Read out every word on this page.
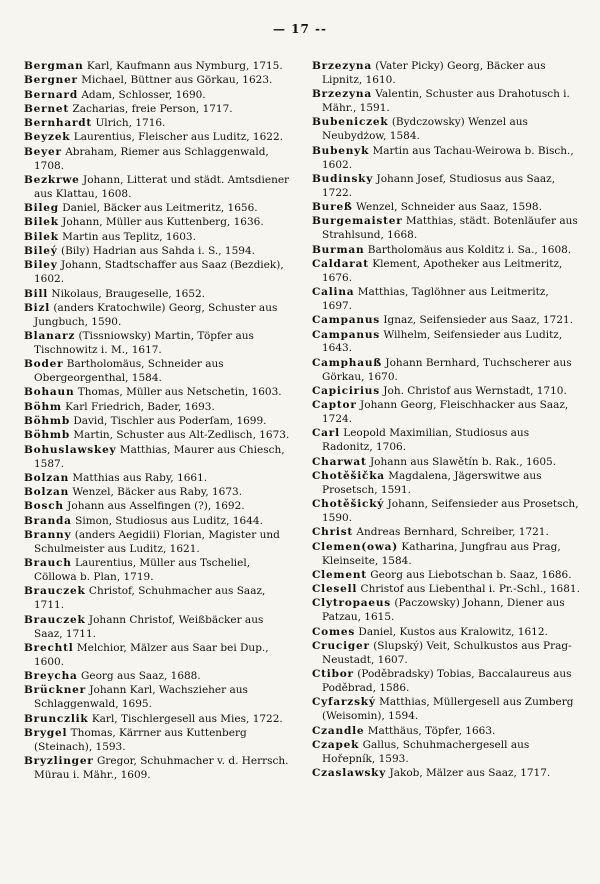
— 17 --
Bergman Karl, Kaufmann aus Nymburg, 1715.
Bergner Michael, Büttner aus Görkau, 1623.
Bernard Adam, Schlosser, 1690.
Bernet Zacharias, freie Person, 1717.
Bernhardt Ulrich, 1716.
Beyzek Laurentius, Fleischer aus Luditz, 1622.
Beyer Abraham, Riemer aus Schlaggenwald, 1708.
Bezkrwe Johann, Litterat und städt. Amtsdiener aus Klattau, 1608.
Bileg Daniel, Bäcker aus Leitmeritz, 1656.
Bilek Johann, Müller aus Kuttenberg, 1636.
Bilek Martin aus Teplitz, 1603.
Bileý (Bily) Hadrian aus Sahda i. S., 1594.
Biley Johann, Stadtschaffer aus Saaz (Bezdiek), 1602.
Bill Nikolaus, Braugeselle, 1652.
Bizl (anders Kratochwile) Georg, Schuster aus Jungbuch, 1590.
Blanarz (Tissniowsky) Martin, Töpfer aus Tischnowitz i. M., 1617.
Boder Bartholomäus, Schneider aus Obergeorgenthal, 1584.
Bohaun Thomas, Müller aus Netschetin, 1603.
Böhm Karl Friedrich, Bader, 1693.
Böhmb David, Tischler aus Poderſam, 1699.
Böhmb Martin, Schuster aus Alt-Zedlisch, 1673.
Bohuslawskey Matthias, Maurer aus Chiesch, 1587.
Bolzan Matthias aus Raby, 1661.
Bolzan Wenzel, Bäcker aus Raby, 1673.
Bosch Johann aus Asselfingen (?), 1692.
Branda Simon, Studiosus aus Luditz, 1644.
Branny (anders Aegidii) Florian, Magister und Schulmeister aus Luditz, 1621.
Brauch Laurentius, Müller aus Tscheliel, Cöllowa b. Plan, 1719.
Brauczek Christof, Schuhmacher aus Saaz, 1711.
Brauczek Johann Christof, Weißbäcker aus Saaz, 1711.
Brechtl Melchior, Mälzer aus Saar bei Dup., 1600.
Breycha Georg aus Saaz, 1688.
Brückner Johann Karl, Wachszieher aus Schlaggenwald, 1695.
Brunczlik Karl, Tischlergesell aus Mies, 1722.
Brygel Thomas, Kärrner aus Kuttenberg (Steinach), 1593.
Bryzlinger Gregor, Schuhmacher v. d. Herrsch. Mürau i. Mähr., 1609.
Brzezyna (Vater Picky) Georg, Bäcker aus Lipnitz, 1610.
Brzezyna Valentin, Schuster aus Drahotusch i. Mähr., 1591.
Bubeniczek (Bydczowsky) Wenzel aus Neubydżow, 1584.
Bubenyk Martin aus Tachau-Weirowa b. Bisch., 1602.
Budinsky Johann Josef, Studiosus aus Saaz, 1722.
Bureß Wenzel, Schneider aus Saaz, 1598.
Burgemaister Matthias, städt. Botenläufer aus Strahlsund, 1668.
Burman Bartholomäus aus Kolditz i. Sa., 1608.
Caldarat Klement, Apotheker aus Leitmeritz, 1676.
Calina Matthias, Taglöhner aus Leitmeritz, 1697.
Campanus Ignaz, Seifensieder aus Saaz, 1721.
Campanus Wilhelm, Seifensieder aus Luditz, 1643.
Camphauß Johann Bernhard, Tuchscherer aus Görkau, 1670.
Capicirius Joh. Christof aus Wernstadt, 1710.
Captor Johann Georg, Fleischhacker aus Saaz, 1724.
Carl Leopold Maximilian, Studiosus aus Radonitz, 1706.
Charwat Johann aus Slawětín b. Rak., 1605.
Chotěšička Magdalena, Jägerswitwe aus Prosetsch, 1591.
Chotěšický Johann, Seifensieder aus Prosetsch, 1590.
Christ Andreas Bernhard, Schreiber, 1721.
Clemen(owa) Katharina, Jungfrau aus Prag, Kleinseite, 1584.
Clement Georg aus Liebotschan b. Saaz, 1686.
Clesell Christof aus Liebenthal i. Pr.-Schl., 1681.
Clytropaeus (Paczowsky) Johann, Diener aus Patzau, 1615.
Comes Daniel, Kustos aus Kralowitz, 1612.
Cruciger (Slupský) Veit, Schulkustos aus Prag-Neustadt, 1607.
Ctibor (Poděbradsky) Tobias, Baccalaureus aus Poděbrad, 1586.
Cyfarzský Matthias, Müllergesell aus Zumberg (Weisomin), 1594.
Czandle Matthäus, Töpfer, 1663.
Czapek Gallus, Schuhmachergesell aus Hořepník, 1593.
Czaslawsky Jakob, Mälzer aus Saaz, 1717.
